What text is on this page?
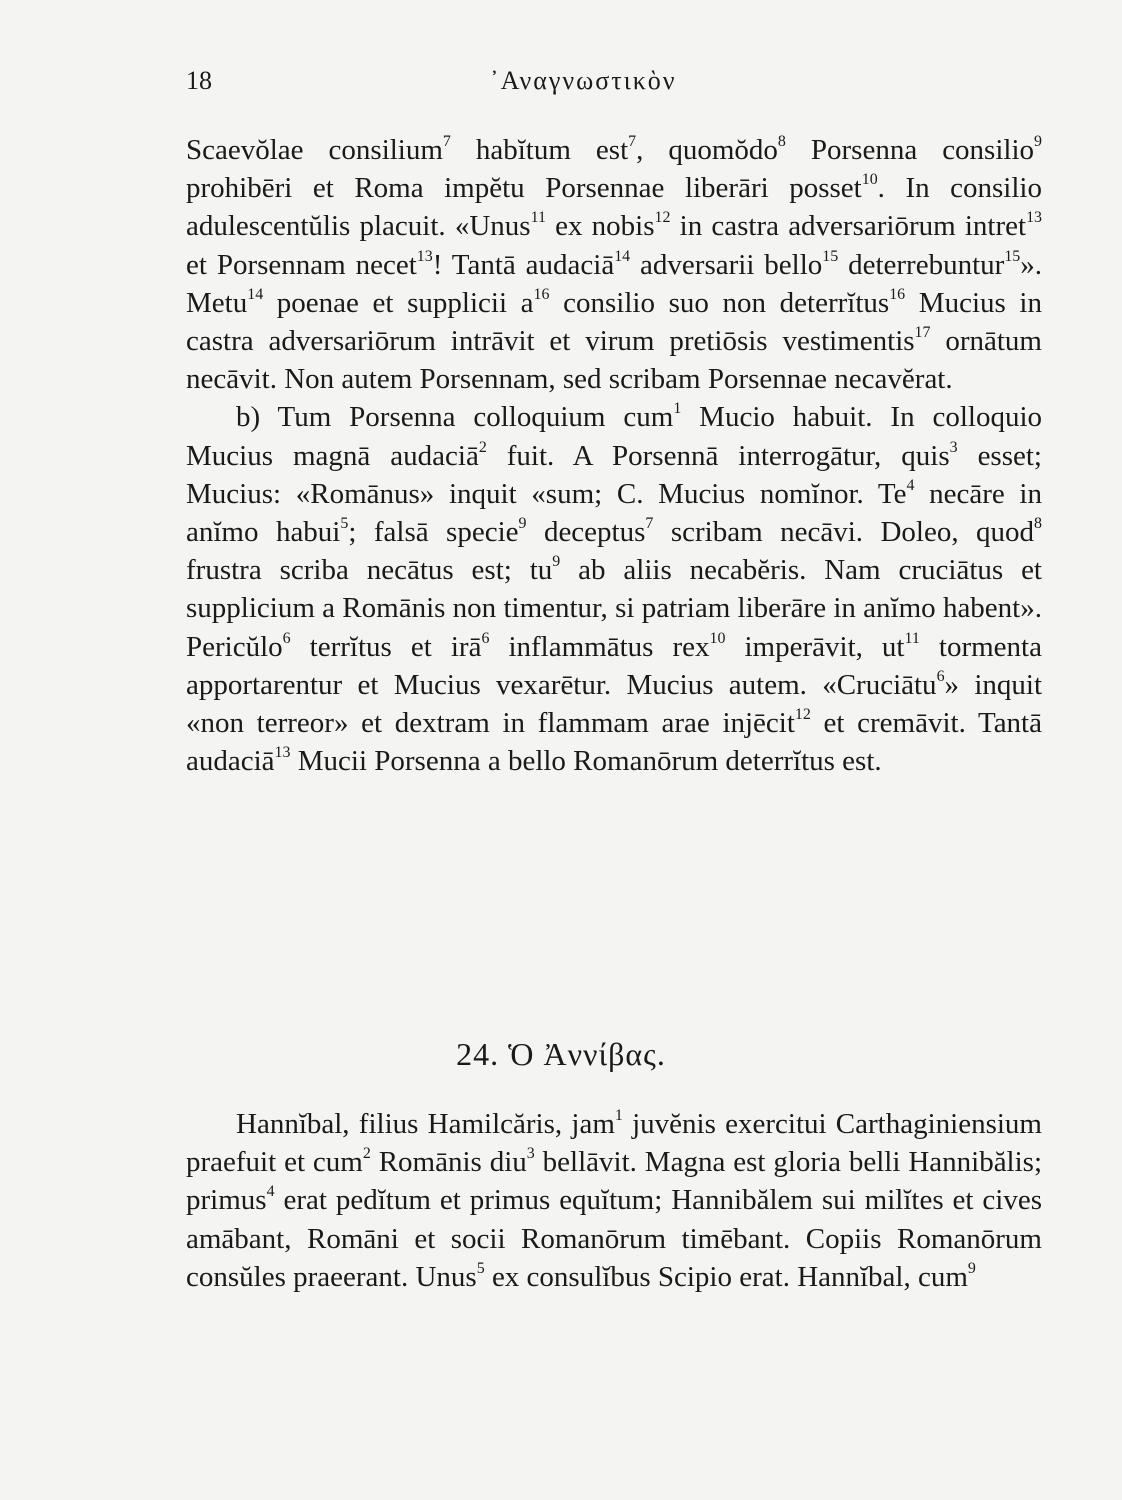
18	᾿Αναγνωστικὸν

Scaevŏlae consilium$^7$ habĭtum est$^7$, quomŏdo$^8$ Porsenna consilio$^9$ prohibēri et Roma impĕtu Porsennae liberāri posset$^{10}$. In consilio adulescentŭlis placuit. «Unus$^{11}$ ex nobis$^{12}$ in castra adversariōrum intret$^{13}$ et Porsennam necet$^{13}$! Tantā audaciā$^{14}$ adversarii bello$^{15}$ deterrebuntur$^{15}$». Metu$^{14}$ poenae et supplicii $a^{16}$ consilio suo non deterrĭtus$^{16}$ Mucius in castra adversariōrum intrāvit et virum pretiōsis vestimentis$^{17}$ ornātum necāvit. Non autem Porsennam, sed scribam Porsennae necavĕrat.

b) Tum Porsenna colloquium cum$^1$ Mucio habuit. In colloquio Mucius magnā audaciā$^2$ fuit. A Porsennā interrogātur, quis$^3$ esset; Mucius: «Romānus» inquit «sum; C. Mucius nomĭnor. Te$^4$ necāre in anĭmo habui$^5$; falsā specie$^9$ deceptus$^7$ scribam necāvi. Doleo, quod$^8$ frustra scriba necātus est; $tu^9$ ab aliis necabĕris. Nam cruciātus et supplicium a Romānis non timentur, si patriam liberāre in anĭmo habent». Pericŭlo$^6$ terrĭtus et irā$^6$ inflammātus rex$^{10}$ imperāvit, $ut^{11}$ tormenta apportarentur et Mucius vexarētur. Mucius autem. «Cruciātu$^6$» inquit «non terreor» et dextram in flammam arae injēcit$^{12}$ et cremāvit. Tantā audaciā$^{13}$ Mucii Porsenna a bello Romanōrum deterrĭtus est.

24. Ὁ Ἀννίβας.

Hannĭbal, filius Hamilcăris, jam$^1$ juvĕnis exercitui Carthaginiensium praefuit et cum$^2$ Romānis diu$^3$ bellāvit. Magna est gloria belli Hannibălis; primus$^4$ erat pedĭtum et primus equĭtum; Hannibălem sui milĭtes et cives amābant, Romāni et socii Romanōrum timēbant. Copiis Romanōrum consŭles praeerant. Unus$^5$ ex consulĭbus Scipio erat. Hannĭbal, cum$^9$
